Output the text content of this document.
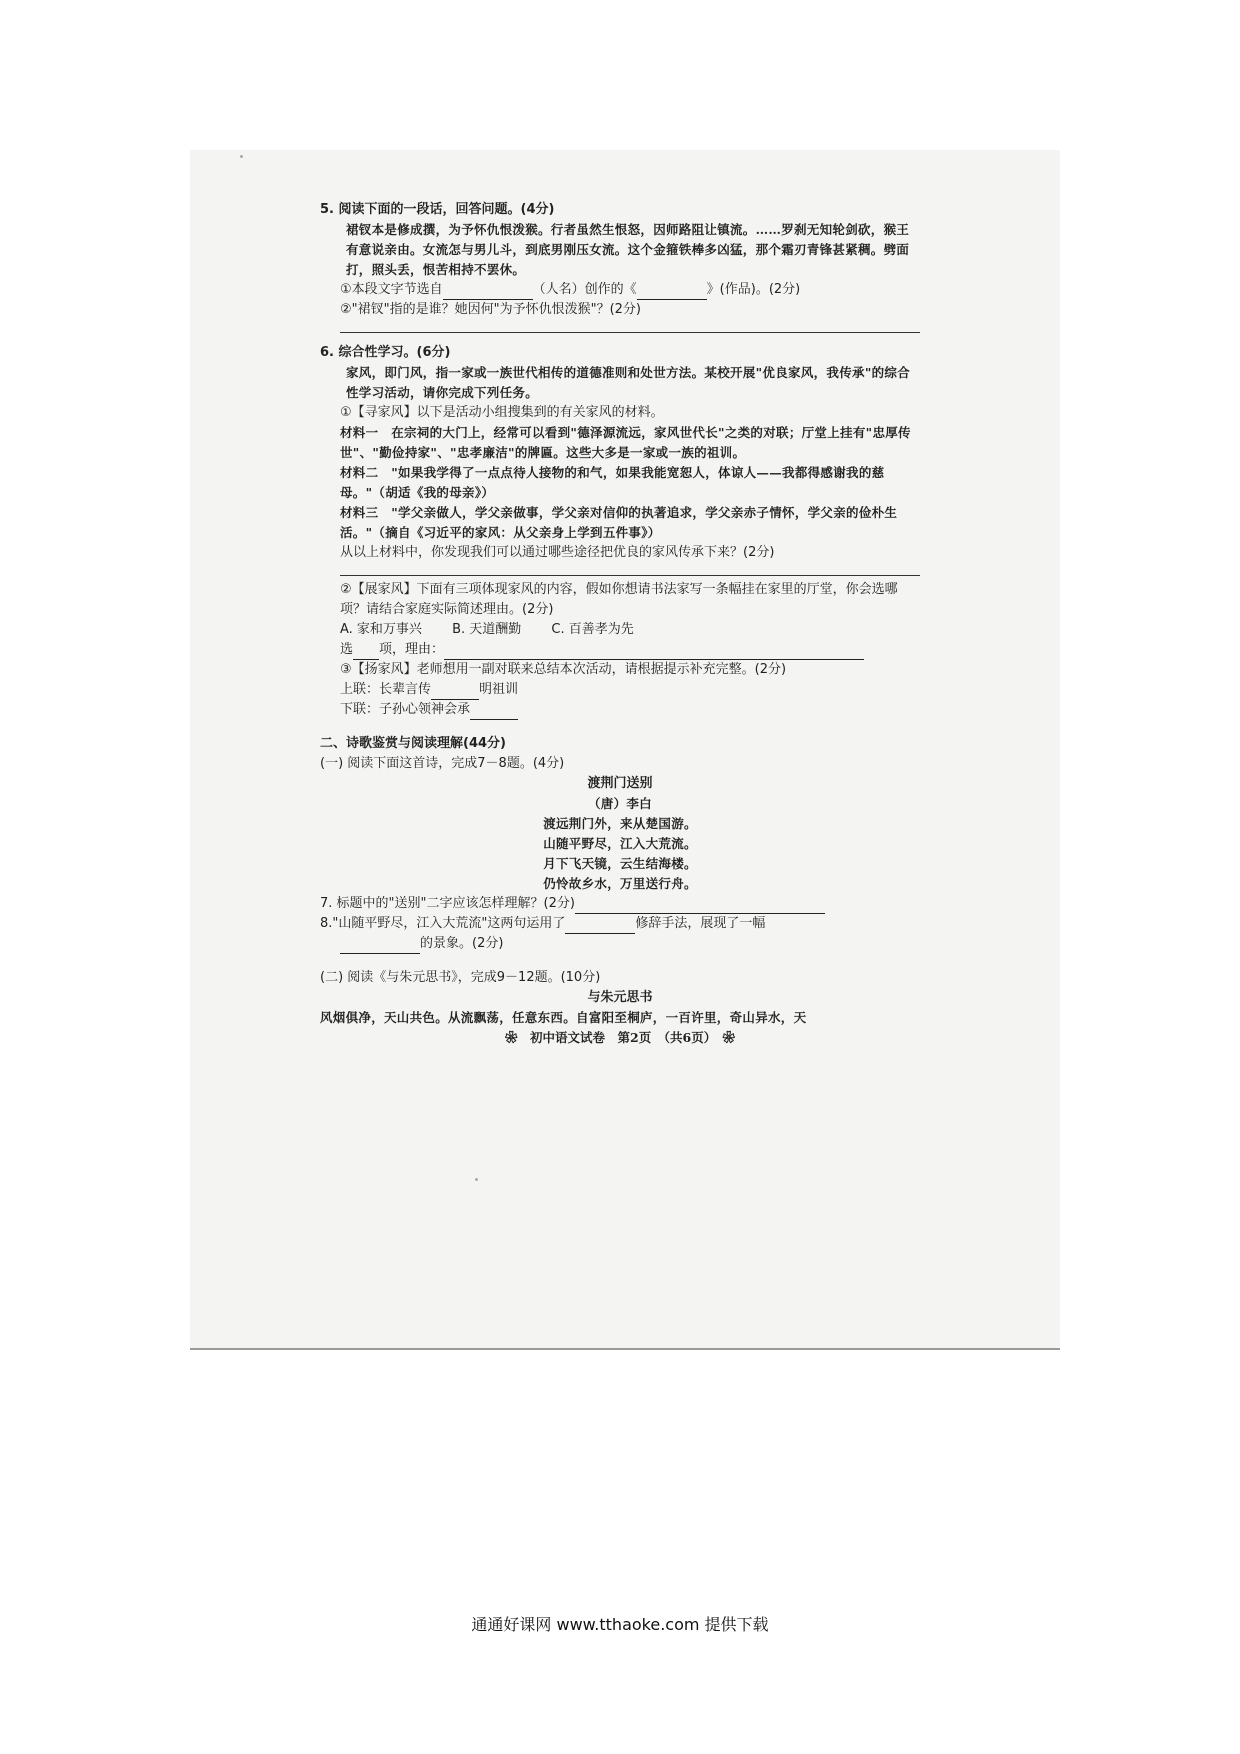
5. 阅读下面的一段话，回答问题。(4分)

裙钗本是修成撰，为予怀仇恨泼猴。行者虽然生恨怒，因师路阻让镇流。……罗刹无知轮剑砍，猴王有意说亲由。女流怎与男儿斗，到底男刚压女流。这个金箍铁棒多凶猛，那个霜刃青锋甚紧稠。劈面打，照头丢，恨苦相持不罢休。

①本段文字节选自	（人名）创作的《	》(作品)。(2分)

②"裙钗"指的是谁？她因何"为予怀仇恨泼猴"？(2分)

6. 综合性学习。(6分)

家风，即门风，指一家或一族世代相传的道德准则和处世方法。某校开展"优良家风，我传承"的综合性学习活动，请你完成下列任务。

①【寻家风】以下是活动小组搜集到的有关家风的材料。

材料一　在宗祠的大门上，经常可以看到"德泽源流远，家风世代长"之类的对联；厅堂上挂有"忠厚传世"、"勤俭持家"、"忠孝廉洁"的牌匾。这些大多是一家或一族的祖训。

材料二　"如果我学得了一点点待人接物的和气，如果我能宽恕人，体谅人——我都得感谢我的慈母。"（胡适《我的母亲》）

材料三　"学父亲做人，学父亲做事，学父亲对信仰的执著追求，学父亲赤子情怀，学父亲的俭朴生活。"（摘自《习近平的家风：从父亲身上学到五件事》）

从以上材料中，你发现我们可以通过哪些途径把优良的家风传承下来？(2分)

②【展家风】下面有三项体现家风的内容，假如你想请书法家写一条幅挂在家里的厅堂，你会选哪项？请结合家庭实际简述理由。(2分)

A. 家和万事兴 B. 天道酬勤 C. 百善孝为先

选 项，理由：

③【扬家风】老师想用一副对联来总结本次活动，请根据提示补充完整。(2分)

上联：长辈言传	明祖训

下联：子孙心领神会承

二、诗歌鉴赏与阅读理解(44分)

(一) 阅读下面这首诗，完成7－8题。(4分)

渡荆门送别

（唐）李白

渡远荆门外，来从楚国游。

山随平野尽，江入大荒流。

月下飞天镜，云生结海楼。

仍怜故乡水，万里送行舟。

7. 标题中的"送别"二字应该怎样理解？(2分)

8."山随平野尽，江入大荒流"这两句运用了	修辞手法，展现了一幅

的景象。(2分)

(二) 阅读《与朱元思书》，完成9－12题。(10分)

与朱元思书

风烟俱净，天山共色。从流飘荡，任意东西。自富阳至桐庐，一百许里，奇山异水，天

❀　初中语文试卷　第2页　（共6页）　❀

通通好课网 www.tthaoke.com 提供下载
